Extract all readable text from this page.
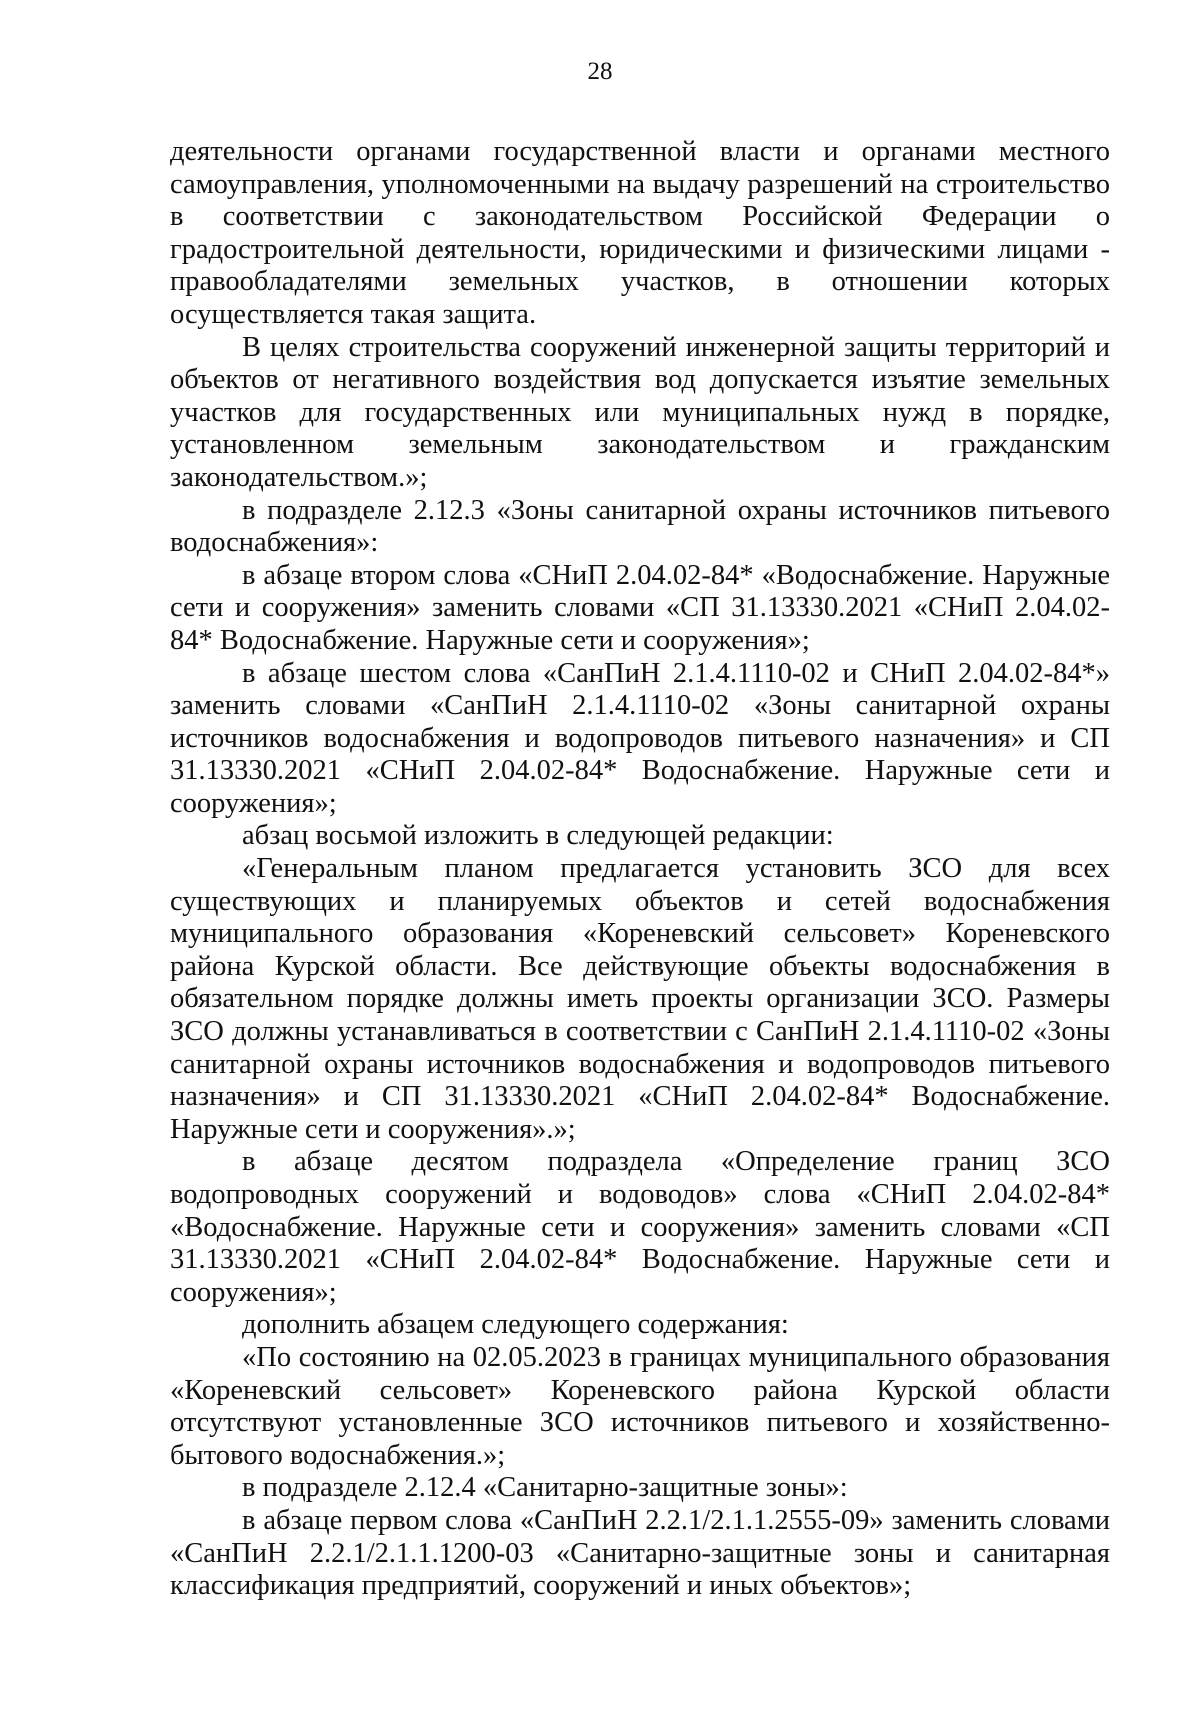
28

деятельности органами государственной власти и органами местного самоуправления, уполномоченными на выдачу разрешений на строительство в соответствии с законодательством Российской Федерации о градостроительной деятельности, юридическими и физическими лицами - правообладателями земельных участков, в отношении которых осуществляется такая защита.

В целях строительства сооружений инженерной защиты территорий и объектов от негативного воздействия вод допускается изъятие земельных участков для государственных или муниципальных нужд в порядке, установленном земельным законодательством и гражданским законодательством.»;

в подразделе 2.12.3 «Зоны санитарной охраны источников питьевого водоснабжения»:

в абзаце втором слова «СНиП 2.04.02-84* «Водоснабжение. Наружные сети и сооружения» заменить словами «СП 31.13330.2021 «СНиП 2.04.02-84* Водоснабжение. Наружные сети и сооружения»;

в абзаце шестом слова «СанПиН 2.1.4.1110-02 и СНиП 2.04.02-84*» заменить словами «СанПиН 2.1.4.1110-02 «Зоны санитарной охраны источников водоснабжения и водопроводов питьевого назначения» и СП 31.13330.2021 «СНиП 2.04.02-84* Водоснабжение. Наружные сети и сооружения»;

абзац восьмой изложить в следующей редакции:

«Генеральным планом предлагается установить ЗСО для всех существующих и планируемых объектов и сетей водоснабжения муниципального образования «Кореневский сельсовет» Кореневского района Курской области. Все действующие объекты водоснабжения в обязательном порядке должны иметь проекты организации ЗСО. Размеры ЗСО должны устанавливаться в соответствии с СанПиН 2.1.4.1110-02 «Зоны санитарной охраны источников водоснабжения и водопроводов питьевого назначения» и СП 31.13330.2021 «СНиП 2.04.02-84* Водоснабжение. Наружные сети и сооружения».»;

в абзаце десятом подраздела «Определение границ ЗСО водопроводных сооружений и водоводов» слова «СНиП 2.04.02-84* «Водоснабжение. Наружные сети и сооружения» заменить словами «СП 31.13330.2021 «СНиП 2.04.02-84* Водоснабжение. Наружные сети и сооружения»;

дополнить абзацем следующего содержания:

«По состоянию на 02.05.2023 в границах муниципального образования «Кореневский сельсовет» Кореневского района Курской области отсутствуют установленные ЗСО источников питьевого и хозяйственно-бытового водоснабжения.»;

в подразделе 2.12.4 «Санитарно-защитные зоны»:

в абзаце первом слова «СанПиН 2.2.1/2.1.1.2555-09» заменить словами «СанПиН 2.2.1/2.1.1.1200-03 «Санитарно-защитные зоны и санитарная классификация предприятий, сооружений и иных объектов»;
